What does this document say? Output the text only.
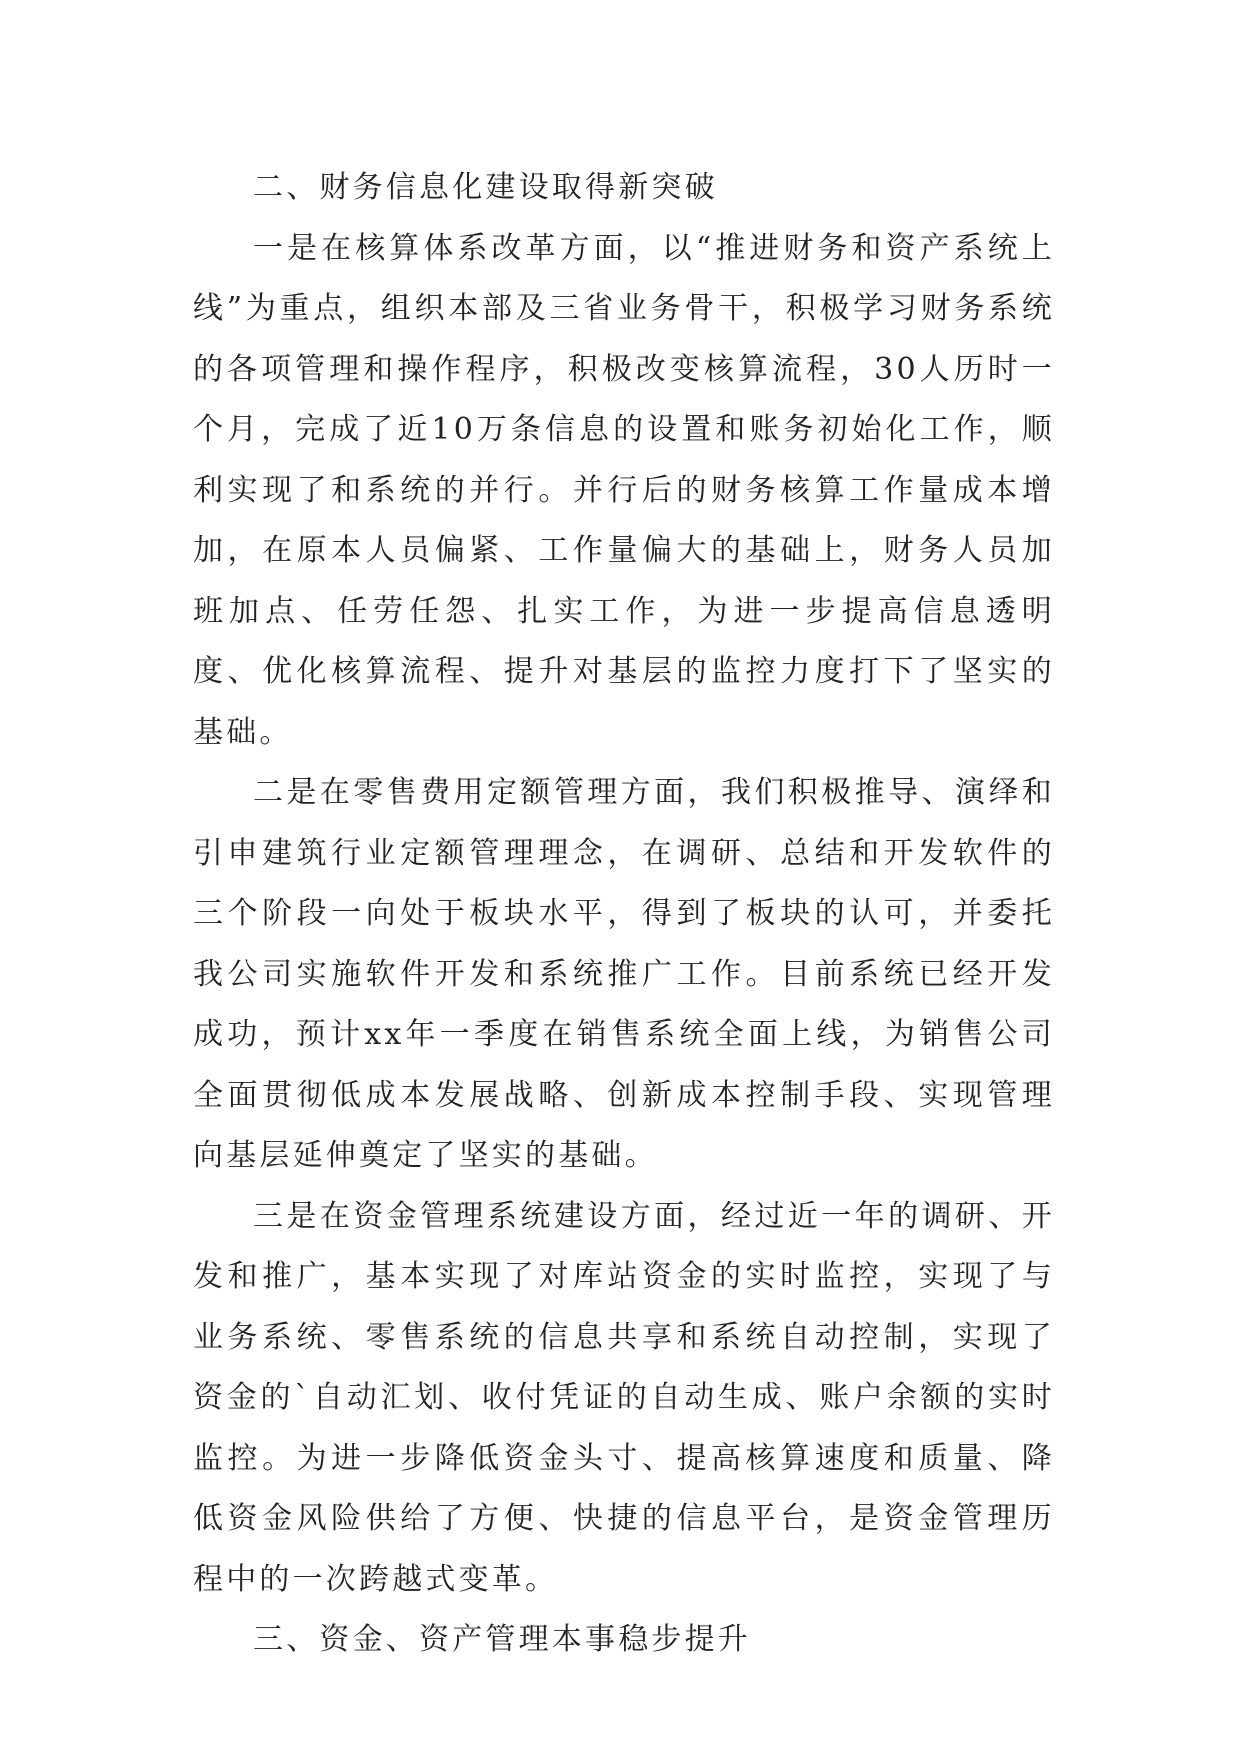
二、财务信息化建设取得新突破

一是在核算体系改革方面，以“推进财务和资产系统上线”为重点，组织本部及三省业务骨干，积极学习财务系统的各项管理和操作程序，积极改变核算流程，30人历时一个月，完成了近10万条信息的设置和账务初始化工作，顺利实现了和系统的并行。并行后的财务核算工作量成本增加，在原本人员偏紧、工作量偏大的基础上，财务人员加班加点、任劳任怨、扎实工作，为进一步提高信息透明度、优化核算流程、提升对基层的监控力度打下了坚实的基础。

二是在零售费用定额管理方面，我们积极推导、演绎和引申建筑行业定额管理理念，在调研、总结和开发软件的三个阶段一向处于板块水平，得到了板块的认可，并委托我公司实施软件开发和系统推广工作。目前系统已经开发成功，预计xx年一季度在销售系统全面上线，为销售公司全面贯彻低成本发展战略、创新成本控制手段、实现管理向基层延伸奠定了坚实的基础。

三是在资金管理系统建设方面，经过近一年的调研、开发和推广，基本实现了对库站资金的实时监控，实现了与业务系统、零售系统的信息共享和系统自动控制，实现了资金的`自动汇划、收付凭证的自动生成、账户余额的实时监控。为进一步降低资金头寸、提高核算速度和质量、降低资金风险供给了方便、快捷的信息平台，是资金管理历程中的一次跨越式变革。

三、资金、资产管理本事稳步提升
